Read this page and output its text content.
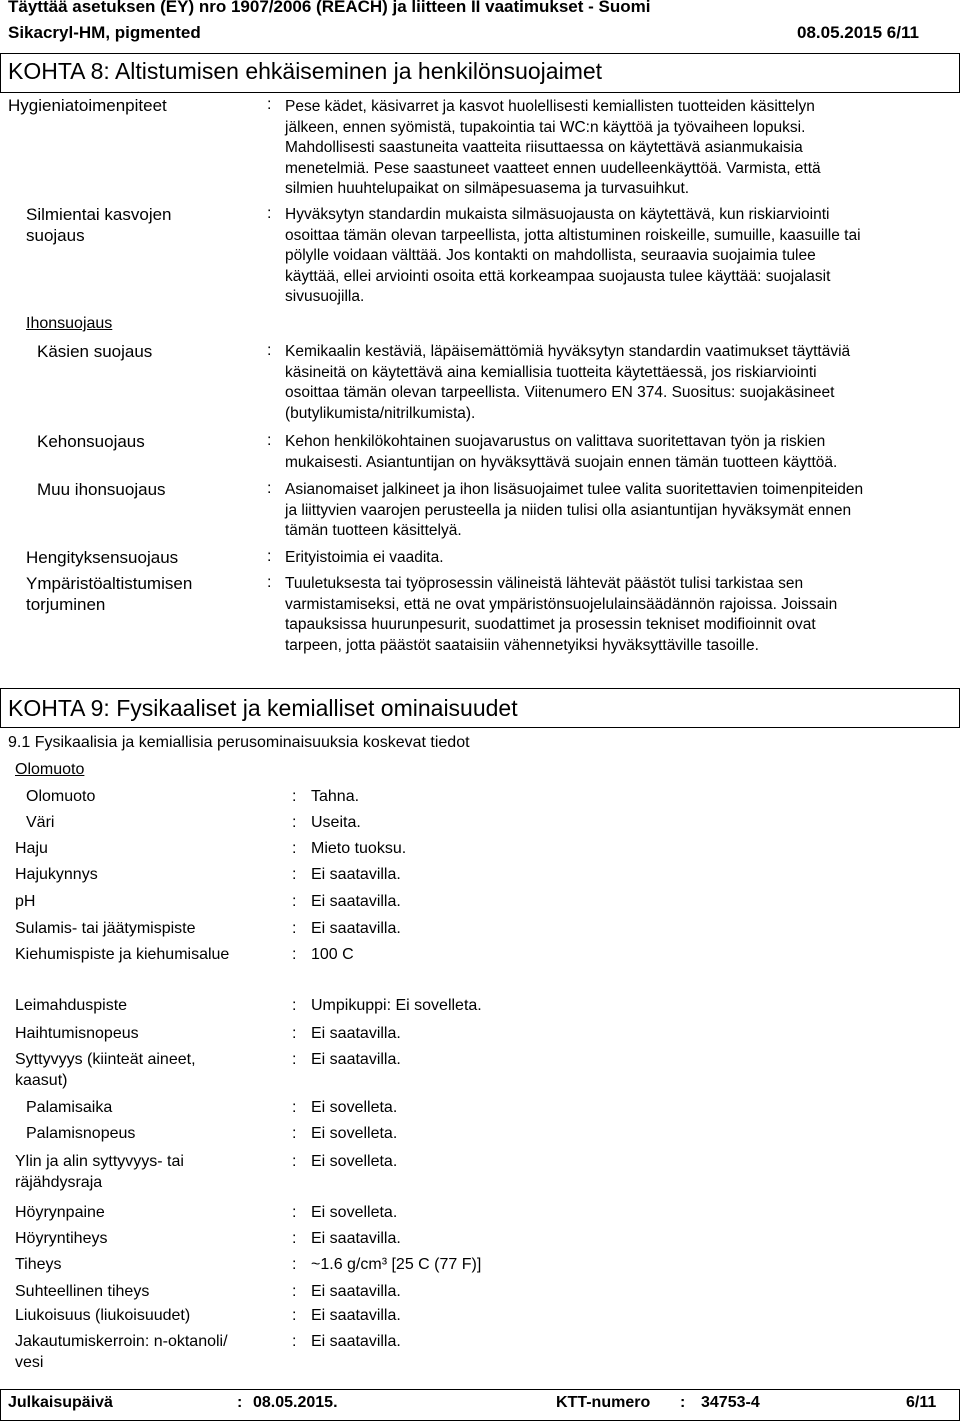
Täyttää asetuksen (EY) nro 1907/2006 (REACH) ja liitteen II vaatimukset - Suomi

Sikacryl-HM, pigmented	08.05.2015 6/11

KOHTA 8: Altistumisen ehkäiseminen ja henkilönsuojaimet
Hygieniatoimenpiteet	: Pese kädet, käsivarret ja kasvot huolellisesti kemiallisten tuotteiden käsittelyn
jälkeen, ennen syömistä, tupakointia tai WC:n käyttöä ja työvaiheen lopuksi.
Mahdollisesti saastuneita vaatteita riisuttaessa on käytettävä asianmukaisia
menetelmiä. Pese saastuneet vaatteet ennen uudelleenkäyttöä. Varmista, että
silmien huuhtelupaikat on silmäpesuasema ja turvasuihkut.
Silmientai kasvojen
suojaus
: Hyväksytyn standardin mukaista silmäsuojausta on käytettävä, kun riskiarviointi
osoittaa tämän olevan tarpeellista, jotta altistuminen roiskeille, sumuille, kaasuille tai
pölylle voidaan välttää. Jos kontakti on mahdollista, seuraavia suojaimia tulee
käyttää, ellei arviointi osoita että korkeampaa suojausta tulee käyttää: suojalasit
sivusuojilla.
Ihonsuojaus
Käsien suojaus	: Kemikaalin kestäviä, läpäisemättömiä hyväksytyn standardin vaatimukset täyttäviä
käsineitä on käytettävä aina kemiallisia tuotteita käytettäessä, jos riskiarviointi
osoittaa tämän olevan tarpeellista. Viitenumero EN 374. Suositus: suojakäsineet
(butylikumista/nitrilkumista).
Kehonsuojaus	: Kehon henkilökohtainen suojavarustus on valittava suoritettavan työn ja riskien
mukaisesti. Asiantuntijan on hyväksyttävä suojain ennen tämän tuotteen käyttöä.
Muu ihonsuojaus	: Asianomaiset jalkineet ja ihon lisäsuojaimet tulee valita suoritettavien toimenpiteiden
ja liittyvien vaarojen perusteella ja niiden tulisi olla asiantuntijan hyväksymät ennen
tämän tuotteen käsittelyä.
Hengityksensuojaus	: Erityistoimia ei vaadita.
Ympäristöaltistumisen
torjuminen
: Tuuletuksesta tai työprosessin välineistä lähtevät päästöt tulisi tarkistaa sen
varmistamiseksi, että ne ovat ympäristönsuojelulainsäädännön rajoissa. Joissain
tapauksissa huurunpesurit, suodattimet ja prosessin tekniset modifioinnit ovat
tarpeen, jotta päästöt saataisiin vähennetyiksi hyväksyttäville tasoille.
KOHTA 9: Fysikaaliset ja kemialliset ominaisuudet
9.1 Fysikaalisia ja kemiallisia perusominaisuuksia koskevat tiedot
Olomuoto
Olomuoto	: Tahna.
Väri	: Useita.
Haju	: Mieto tuoksu.
Hajukynnys	: Ei saatavilla.
pH	: Ei saatavilla.
Sulamis- tai jäätymispiste	: Ei saatavilla.
Kiehumispiste ja kiehumisalue	: 100 C
Leimahduspiste	: Umpikuppi: Ei sovelleta.
Haihtumisnopeus	: Ei saatavilla.
Syttyvyys (kiinteät aineet,
kaasut)
: Ei saatavilla.
Palamisaika	: Ei sovelleta.
Palamisnopeus	: Ei sovelleta.
Ylin ja alin syttyvyys- tai
räjähdysraja
: Ei sovelleta.
Höyrynpaine	: Ei sovelleta.
Höyryntiheys	: Ei saatavilla.
Tiheys	: ~1.6 g/cm³ [25 C (77 F)]
Suhteellinen tiheys	: Ei saatavilla.
Liukoisuus (liukoisuudet)	: Ei saatavilla.
Jakautumiskerroin: n-oktanoli/
vesi
: Ei saatavilla.
Julkaisupäivä	: 08.05.2015.	KTT-numero : 34753-4	6/11
